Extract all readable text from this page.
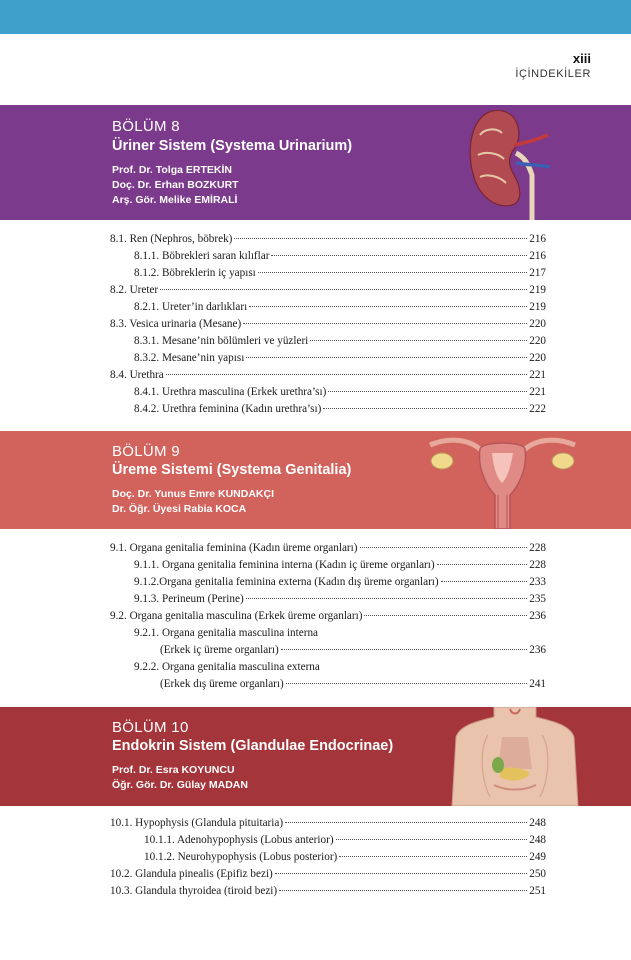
xiii
İÇİNDEKİLER
BÖLÜM 8
Üriner Sistem (Systema Urinarium)
Prof. Dr. Tolga ERTEKİN
Doç. Dr. Erhan BOZKURT
Arş. Gör. Melike EMİRALİ
8.1. Ren (Nephros, böbrek)	216
8.1.1. Böbrekleri saran kılıflar	216
8.1.2. Böbreklerin iç yapısı	217
8.2. Ureter	219
8.2.1. Ureter’in darlıkları	219
8.3. Vesica urinaria (Mesane)	220
8.3.1. Mesane’nin bölümleri ve yüzleri	220
8.3.2. Mesane’nin yapısı	220
8.4. Urethra	221
8.4.1. Urethra masculina (Erkek urethra’sı)	221
8.4.2. Urethra feminina (Kadın urethra’sı)	222
BÖLÜM 9
Üreme Sistemi (Systema Genitalia)
Doç. Dr. Yunus Emre KUNDAKÇI
Dr. Öğr. Üyesi Rabia KOCA
9.1. Organa genitalia feminina (Kadın üreme organları)	228
9.1.1. Organa genitalia feminina interna (Kadın iç üreme organları)	228
9.1.2.Organa genitalia feminina externa (Kadın dış üreme organları)	233
9.1.3. Perineum (Perine)	235
9.2. Organa genitalia masculina (Erkek üreme organları)	236
9.2.1. Organa genitalia masculina interna
(Erkek iç üreme organları)	236
9.2.2. Organa genitalia masculina externa
(Erkek dış üreme organları)	241
BÖLÜM 10
Endokrin Sistem (Glandulae Endocrinae)
Prof. Dr. Esra KOYUNCU
Öğr. Gör. Dr. Gülay MADAN
10.1. Hypophysis (Glandula pituitaria)	248
10.1.1. Adenohypophysis (Lobus anterior)	248
10.1.2. Neurohypophysis (Lobus posterior)	249
10.2. Glandula pinealis (Epifiz bezi)	250
10.3. Glandula thyroidea (tiroid bezi)	251
